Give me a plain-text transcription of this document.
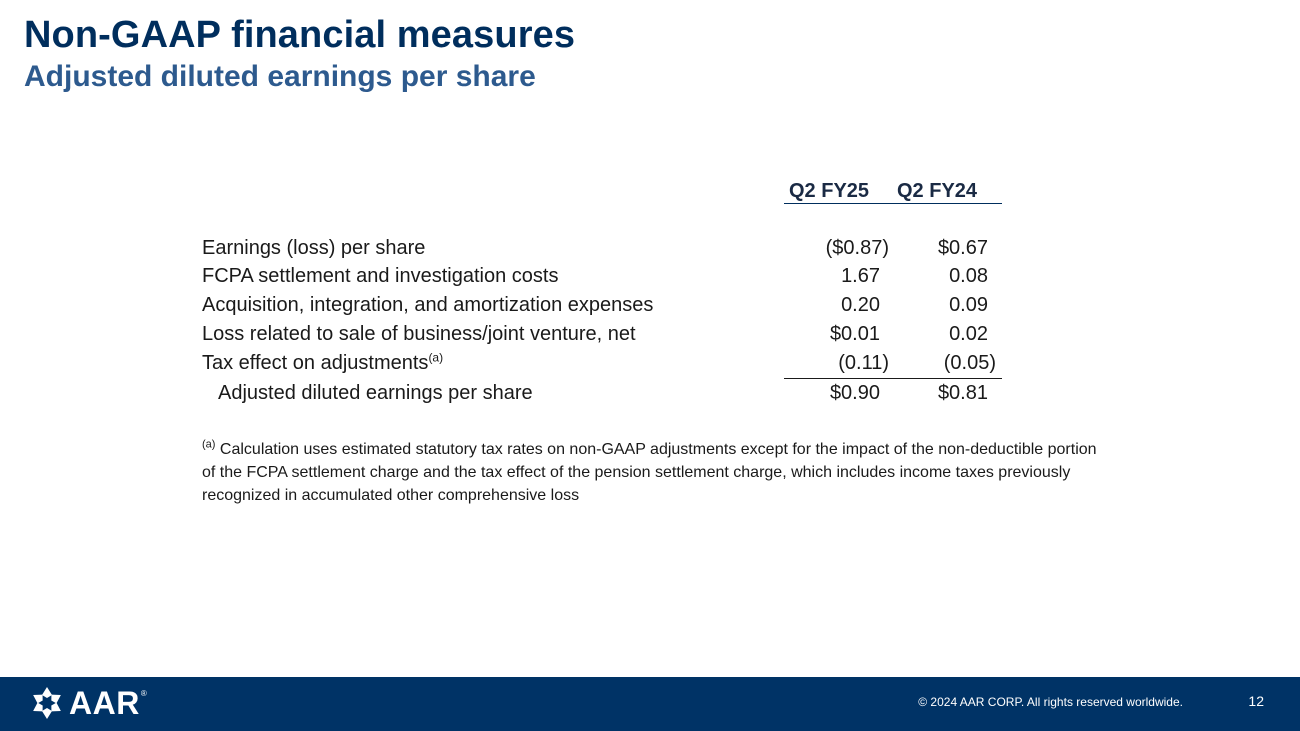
Non-GAAP financial measures
Adjusted diluted earnings per share
Q2 FY25 Q2 FY24
Earnings (loss) per share	($0.87) $0.67
FCPA settlement and investigation costs	1.67	0.08
Acquisition, integration, and amortization expenses	0.20	0.09
Loss related to sale of business/joint venture, net	$0.01	0.02
Tax effect on adjustments$^{(a)}$	(0.11)	(0.05)
Adjusted diluted earnings per share	$0.90	$0.81

$^{(a)}$ Calculation uses estimated statutory tax rates on non-GAAP adjustments except for the impact of the non-deductible portion of the FCPA settlement charge and the tax effect of the pension settlement charge, which includes income taxes previously recognized in accumulated other comprehensive loss

AAR ®
© 2024 AAR CORP. All rights reserved worldwide.	12
